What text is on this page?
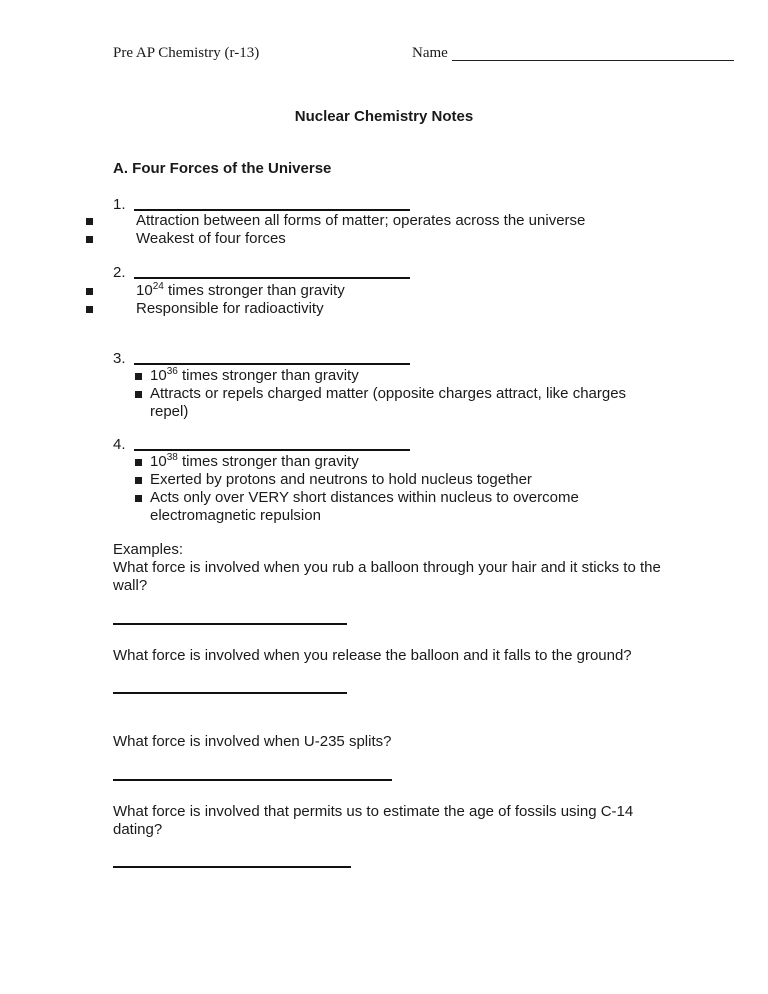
Pre AP Chemistry (r-13)	Name
Nuclear Chemistry Notes
A. Four Forces of the Universe
1.
Attraction between all forms of matter; operates across the universe
Weakest of four forces
2.
$10^{24}$ times stronger than gravity
Responsible for radioactivity
3.
$10^{36}$ times stronger than gravity
Attracts or repels charged matter (opposite charges attract, like charges repel)
4.
$10^{38}$ times stronger than gravity
Exerted by protons and neutrons to hold nucleus together
Acts only over VERY short distances within nucleus to overcome electromagnetic repulsion
Examples:
What force is involved when you rub a balloon through your hair and it sticks to the wall?
What force is involved when you release the balloon and it falls to the ground?
What force is involved when U-235 splits?
What force is involved that permits us to estimate the age of fossils using C-14 dating?
